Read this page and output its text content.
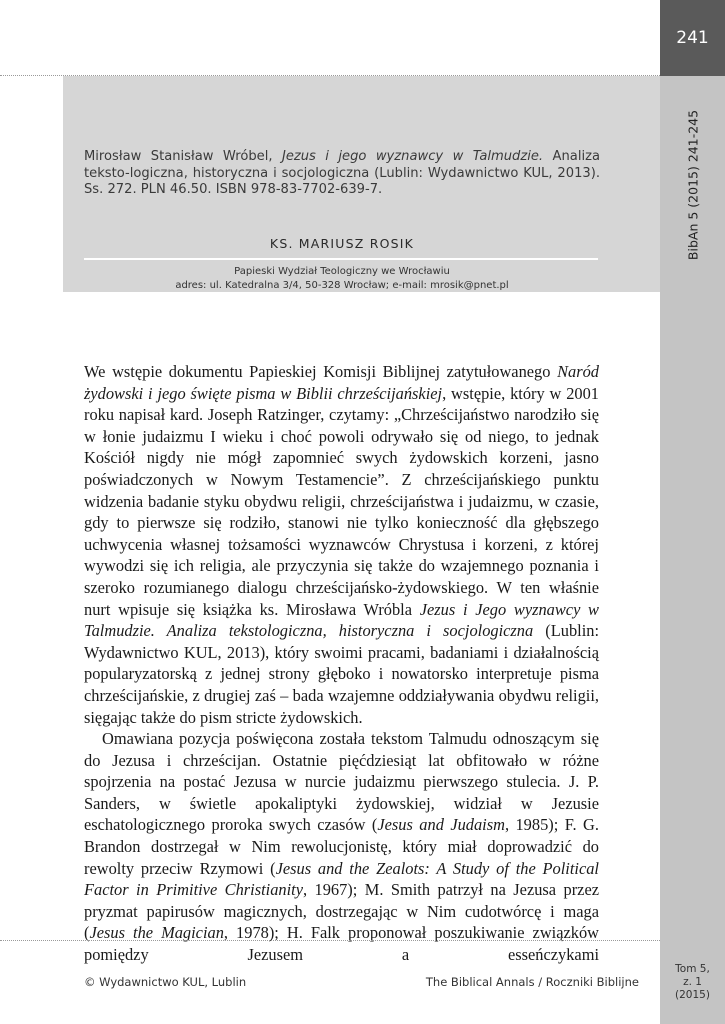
241
BibAn 5 (2015) 241-245
Mirosław Stanisław Wróbel, Jezus i jego wyznawcy w Talmudzie. Analiza teksto-logiczna, historyczna i socjologiczna (Lublin: Wydawnictwo KUL, 2013). Ss. 272. PLN 46.50. ISBN 978-83-7702-639-7.
KS. MARIUSZ ROSIK
Papieski Wydział Teologiczny we Wrocławiu
adres: ul. Katedralna 3/4, 50-328 Wrocław; e-mail: mrosik@pnet.pl

We wstępie dokumentu Papieskiej Komisji Biblijnej zatytułowanego Naród żydowski i jego święte pisma w Biblii chrześcijańskiej, wstępie, który w 2001 roku napisał kard. Joseph Ratzinger, czytamy: „Chrześcijaństwo narodziło się w łonie judaizmu I wieku i choć powoli odrywało się od niego, to jednak Kościół nigdy nie mógł zapomnieć swych żydowskich korzeni, jasno poświadczonych w Nowym Testamencie”. Z chrześcijańskiego punktu widzenia badanie styku obydwu religii, chrześcijaństwa i judaizmu, w czasie, gdy to pierwsze się rodziło, stanowi nie tylko konieczność dla głębszego uchwycenia własnej tożsamości wyznawców Chrystusa i korzeni, z której wywodzi się ich religia, ale przyczynia się także do wzajemnego poznania i szeroko rozumianego dialogu chrześcijańsko-żydowskiego. W ten właśnie nurt wpisuje się książka ks. Mirosława Wróbla Jezus i Jego wyznawcy w Talmudzie. Analiza tekstologiczna, historyczna i socjologiczna (Lublin: Wydawnictwo KUL, 2013), który swoimi pracami, badaniami i działalnością popularyzatorską z jednej strony głęboko i nowatorsko interpretuje pisma chrześcijańskie, z drugiej zaś – bada wzajemne oddziaływania obydwu religii, sięgając także do pism stricte żydowskich.

Omawiana pozycja poświęcona została tekstom Talmudu odnoszącym się do Jezusa i chrześcijan. Ostatnie pięćdziesiąt lat obfitowało w różne spojrzenia na postać Jezusa w nurcie judaizmu pierwszego stulecia. J. P. Sanders, w świetle apokaliptyki żydowskiej, widział w Jezusie eschatologicznego proroka swych czasów (Jesus and Judaism, 1985); F. G. Brandon dostrzegał w Nim rewolucjonistę, który miał doprowadzić do rewolty przeciw Rzymowi (Jesus and the Zealots: A Study of the Political Factor in Primitive Christianity, 1967); M. Smith patrzył na Jezusa przez pryzmat papirusów magicznych, dostrzegając w Nim cudotwórcę i maga (Jesus the Magician, 1978); H. Falk proponował poszukiwanie związków pomiędzy Jezusem a esseńczykami

© Wydawnictwo KUL, Lublin	The Biblical Annals / Roczniki Biblijne
Tom 5,
z. 1
(2015)
